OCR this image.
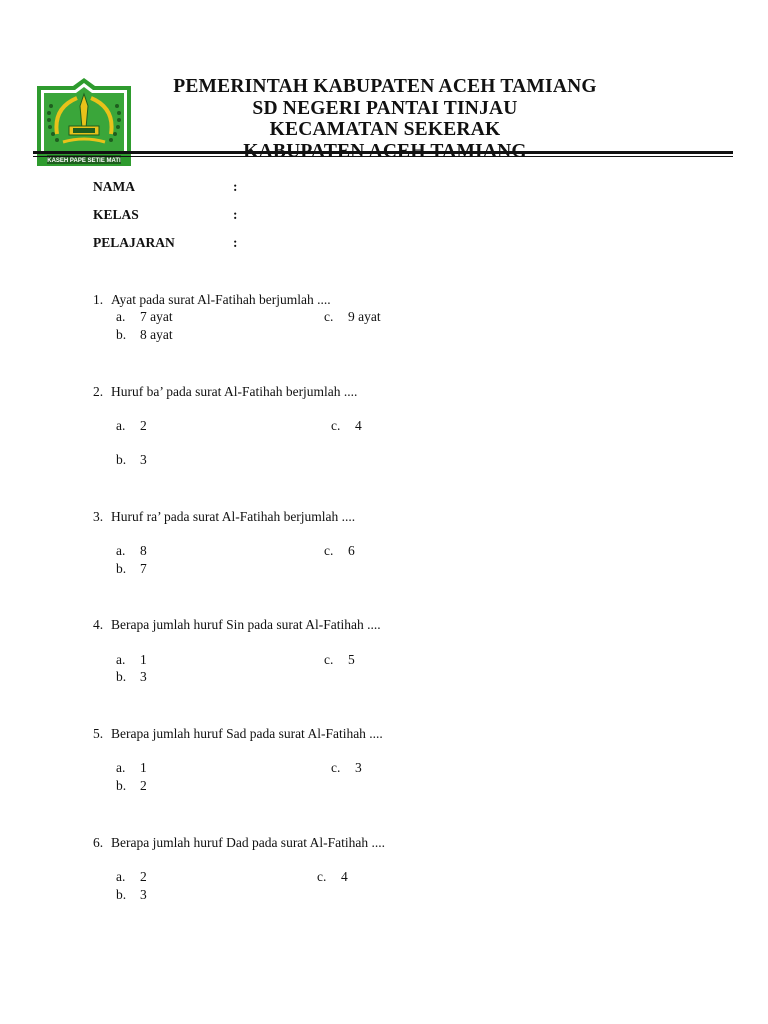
KASEH PAPE SETIE MATI
PEMERINTAH KABUPATEN ACEH TAMIANG
SD NEGERI PANTAI TINJAU
KECAMATAN SEKERAK
NAMA	:
KELAS	:
PELAJARAN	:
1. Ayat pada surat Al-Fatihah berjumlah ....
a. 7 ayat	c. 9 ayat
b. 8 ayat
2. Huruf ba’ pada surat Al-Fatihah berjumlah ....
a. 2	c. 4
b. 3
3. Huruf ra’ pada surat Al-Fatihah berjumlah ....
a. 8	c. 6
b. 7
4. Berapa jumlah huruf Sin pada surat Al-Fatihah ....
a. 1	c. 5
b. 3
5. Berapa jumlah huruf Sad pada surat Al-Fatihah ....
a. 1	c. 3
b. 2
6. Berapa jumlah huruf Dad pada surat Al-Fatihah ....
a. 2	c. 4
b. 3
